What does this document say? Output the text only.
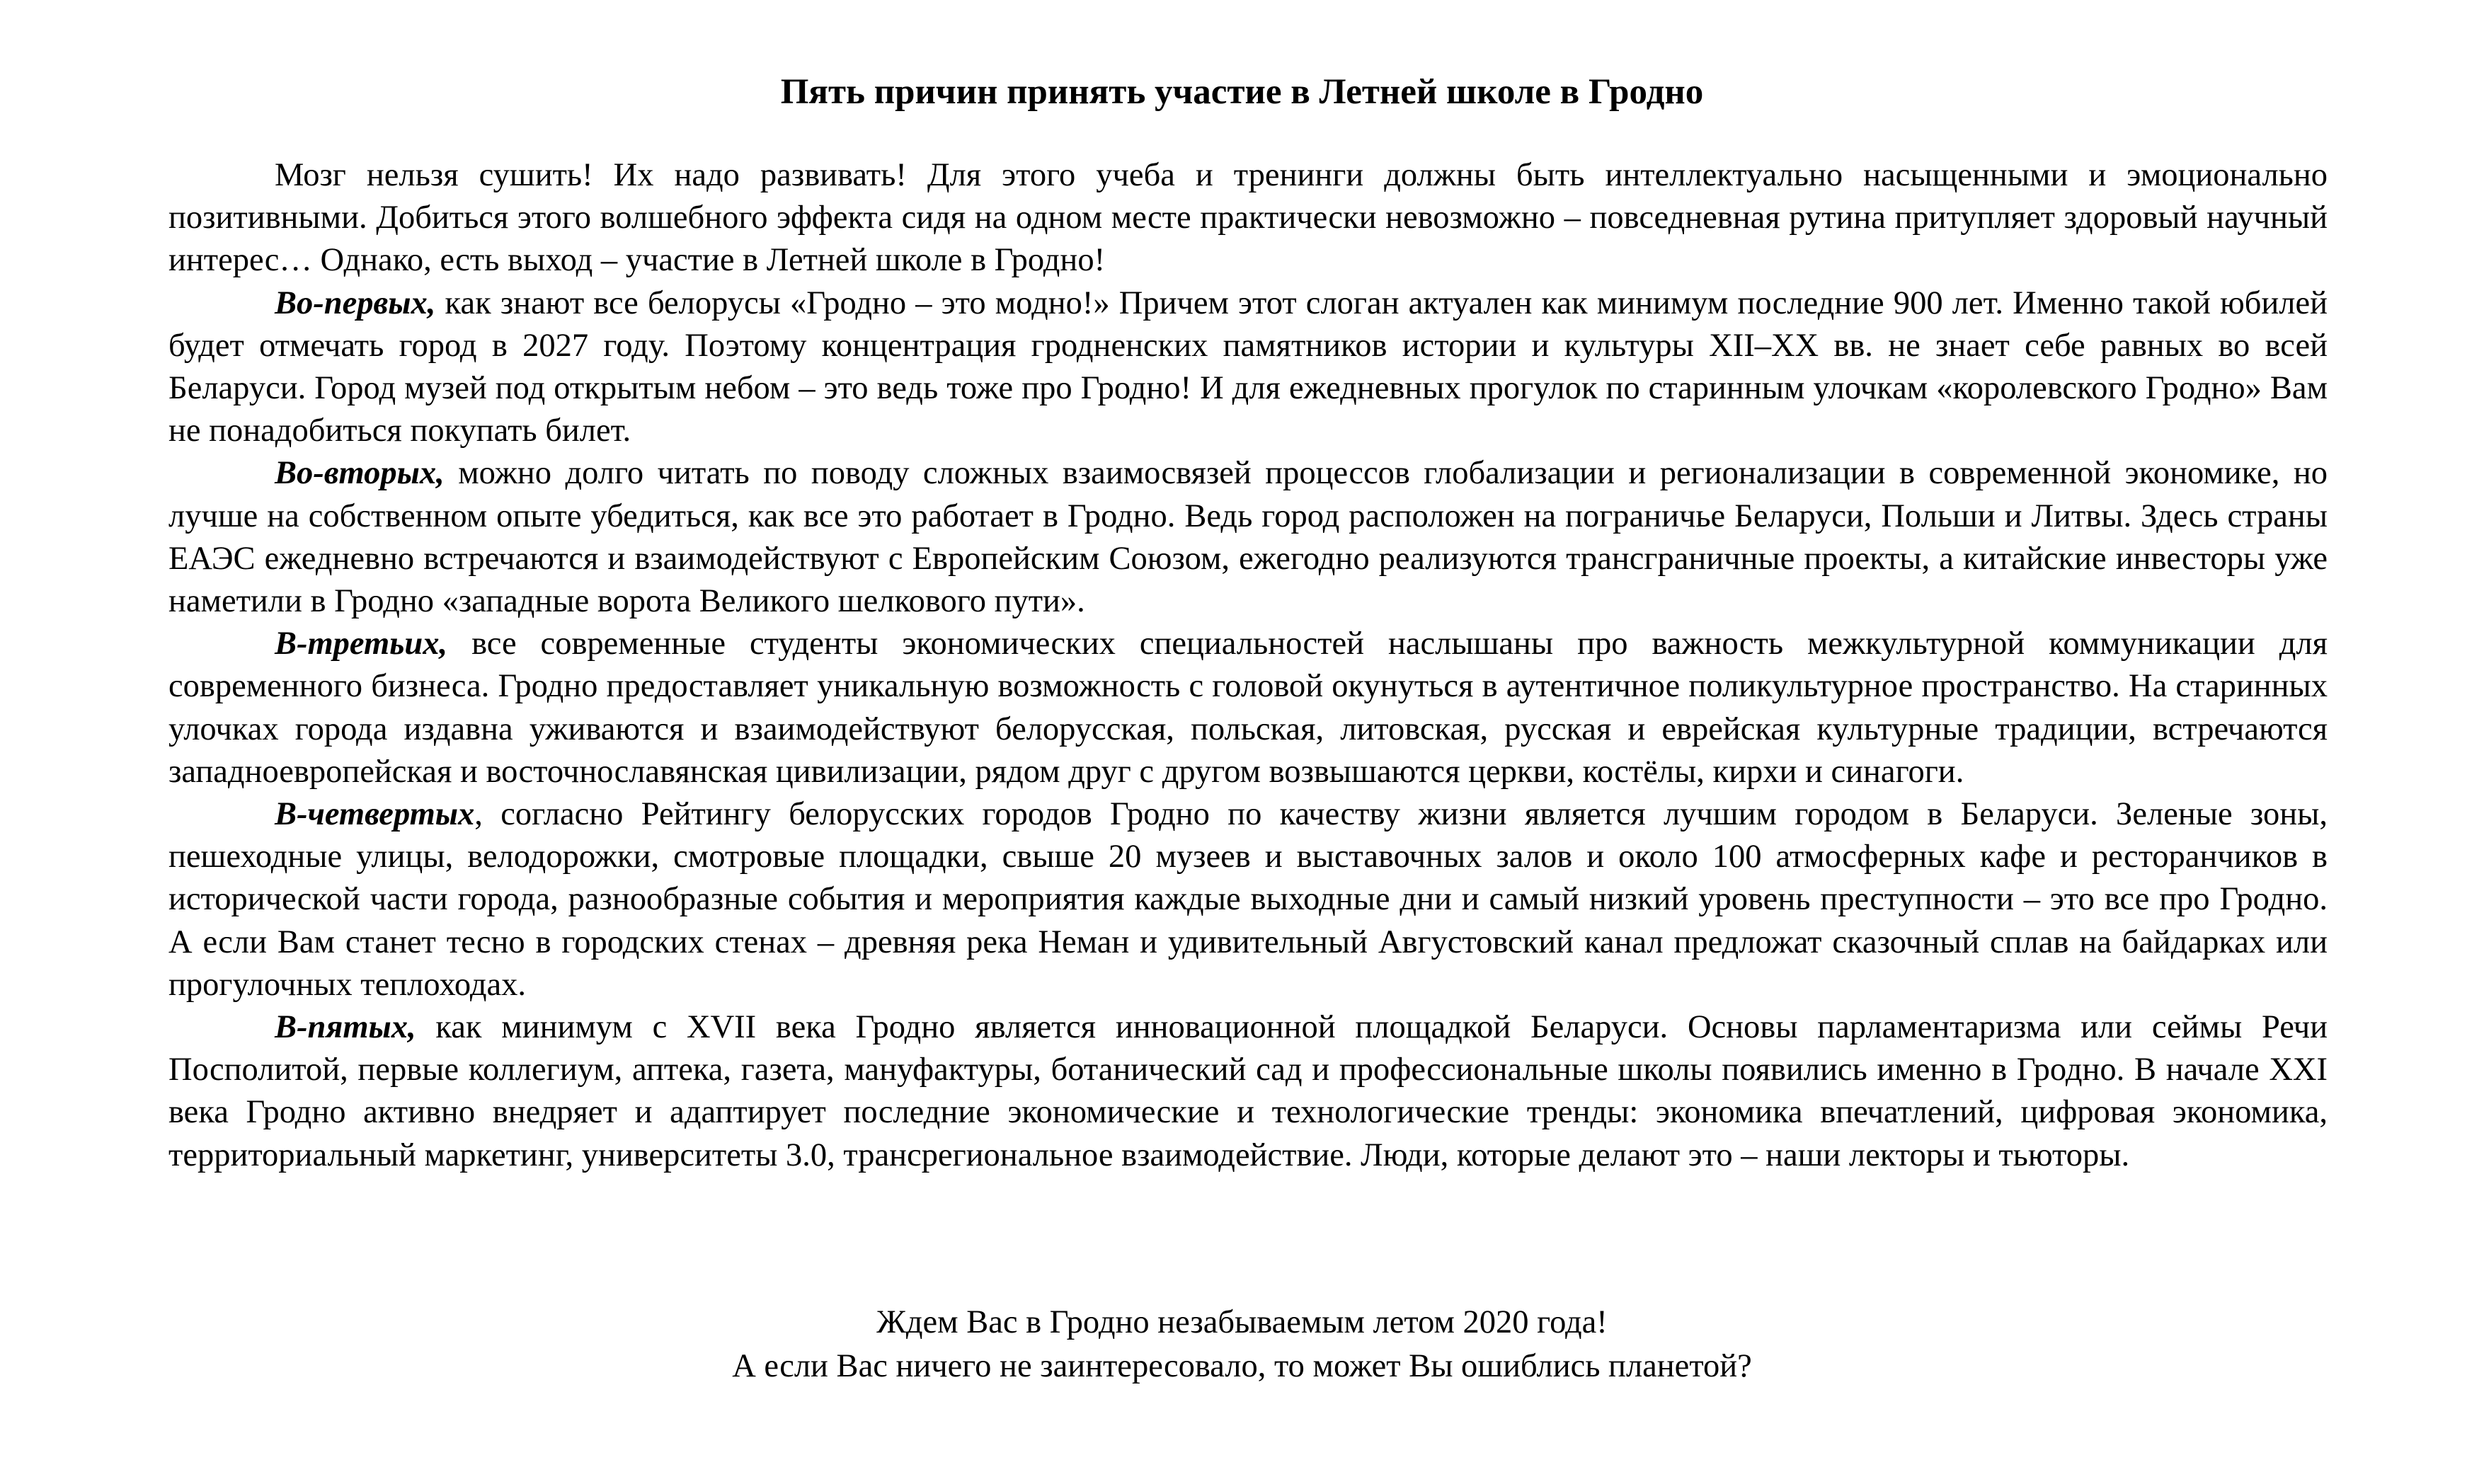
Пять причин принять участие в Летней школе в Гродно

Мозг нельзя сушить! Их надо развивать! Для этого учеба и тренинги должны быть интеллектуально насыщенными и эмоционально позитивными. Добиться этого волшебного эффекта сидя на одном месте практически невозможно – повседневная рутина притупляет здоровый научный интерес… Однако, есть выход – участие в Летней школе в Гродно!

Во-первых, как знают все белорусы «Гродно – это модно!» Причем этот слоган актуален как минимум последние 900 лет. Именно такой юбилей будет отмечать город в 2027 году. Поэтому концентрация гродненских памятников истории и культуры XII–XX вв. не знает себе равных во всей Беларуси. Город музей под открытым небом – это ведь тоже про Гродно! И для ежедневных прогулок по старинным улочкам «королевского Гродно» Вам не понадобиться покупать билет.

Во-вторых, можно долго читать по поводу сложных взаимосвязей процессов глобализации и регионализации в современной экономике, но лучше на собственном опыте убедиться, как все это работает в Гродно. Ведь город расположен на пограничье Беларуси, Польши и Литвы. Здесь страны ЕАЭС ежедневно встречаются и взаимодействуют с Европейским Союзом, ежегодно реализуются трансграничные проекты, а китайские инвесторы уже наметили в Гродно «западные ворота Великого шелкового пути».

В-третьих, все современные студенты экономических специальностей наслышаны про важность межкультурной коммуникации для современного бизнеса. Гродно предоставляет уникальную возможность с головой окунуться в аутентичное поликультурное пространство. На старинных улочках города издавна уживаются и взаимодействуют белорусская, польская, литовская, русская и еврейская культурные традиции, встречаются западноевропейская и восточнославянская цивилизации, рядом друг с другом возвышаются церкви, костёлы, кирхи и синагоги.

В-четвертых, согласно Рейтингу белорусских городов Гродно по качеству жизни является лучшим городом в Беларуси. Зеленые зоны, пешеходные улицы, велодорожки, смотровые площадки, свыше 20 музеев и выставочных залов и около 100 атмосферных кафе и ресторанчиков в исторической части города, разнообразные события и мероприятия каждые выходные дни и самый низкий уровень преступности – это все про Гродно. А если Вам станет тесно в городских стенах – древняя река Неман и удивительный Августовский канал предложат сказочный сплав на байдарках или прогулочных теплоходах.

В-пятых, как минимум с XVII века Гродно является инновационной площадкой Беларуси. Основы парламентаризма или сеймы Речи Посполитой, первые коллегиум, аптека, газета, мануфактуры, ботанический сад и профессиональные школы появились именно в Гродно. В начале XXI века Гродно активно внедряет и адаптирует последние экономические и технологические тренды: экономика впечатлений, цифровая экономика, территориальный маркетинг, университеты 3.0, трансрегиональное взаимодействие. Люди, которые делают это – наши лекторы и тьюторы.

Ждем Вас в Гродно незабываемым летом 2020 года!
А если Вас ничего не заинтересовало, то может Вы ошиблись планетой?
